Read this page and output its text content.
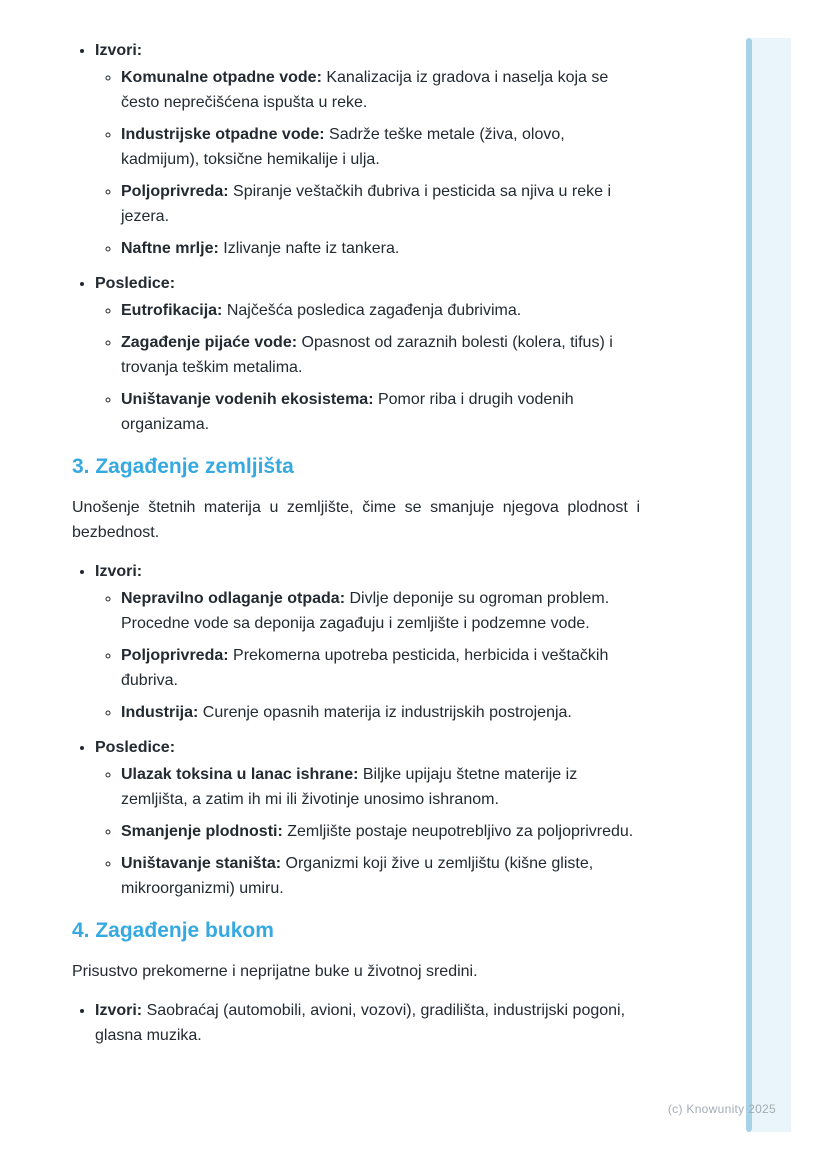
• Izvori:
◦ Komunalne otpadne vode: Kanalizacija iz gradova i naselja koja se često neprečišćena ispušta u reke.
◦ Industrijske otpadne vode: Sadrže teške metale (živa, olovo, kadmijum), toksične hemikalije i ulja.
◦ Poljoprivreda: Spiranje veštačkih đubriva i pesticida sa njiva u reke i jezera.
◦ Naftne mrlje: Izlivanje nafte iz tankera.
• Posledice:
◦ Eutrofikacija: Najčešća posledica zagađenja đubrivima.
◦ Zagađenje pijaće vode: Opasnost od zaraznih bolesti (kolera, tifus) i trovanja teškim metalima.
◦ Uništavanje vodenih ekosistema: Pomor riba i drugih vodenih organizama.
3. Zagađenje zemljišta

Unošenje štetnih materija u zemljište, čime se smanjuje njegova plodnost i bezbednost.

• Izvori:
◦ Nepravilno odlaganje otpada: Divlje deponije su ogroman problem. Procedne vode sa deponija zagađuju i zemljište i podzemne vode.
◦ Poljoprivreda: Prekomerna upotreba pesticida, herbicida i veštačkih đubriva.
◦ Industrija: Curenje opasnih materija iz industrijskih postrojenja.
• Posledice:
◦ Ulazak toksina u lanac ishrane: Biljke upijaju štetne materije iz zemljišta, a zatim ih mi ili životinje unosimo ishranom.
◦ Smanjenje plodnosti: Zemljište postaje neupotrebljivo za poljoprivredu.
◦ Uništavanje staništa: Organizmi koji žive u zemljištu (kišne gliste, mikroorganizmi) umiru.
4. Zagađenje bukom

Prisustvo prekomerne i neprijatne buke u životnoj sredini.

• Izvori: Saobraćaj (automobili, avioni, vozovi), gradilišta, industrijski pogoni, glasna muzika.
(c) Knowunity 2025
